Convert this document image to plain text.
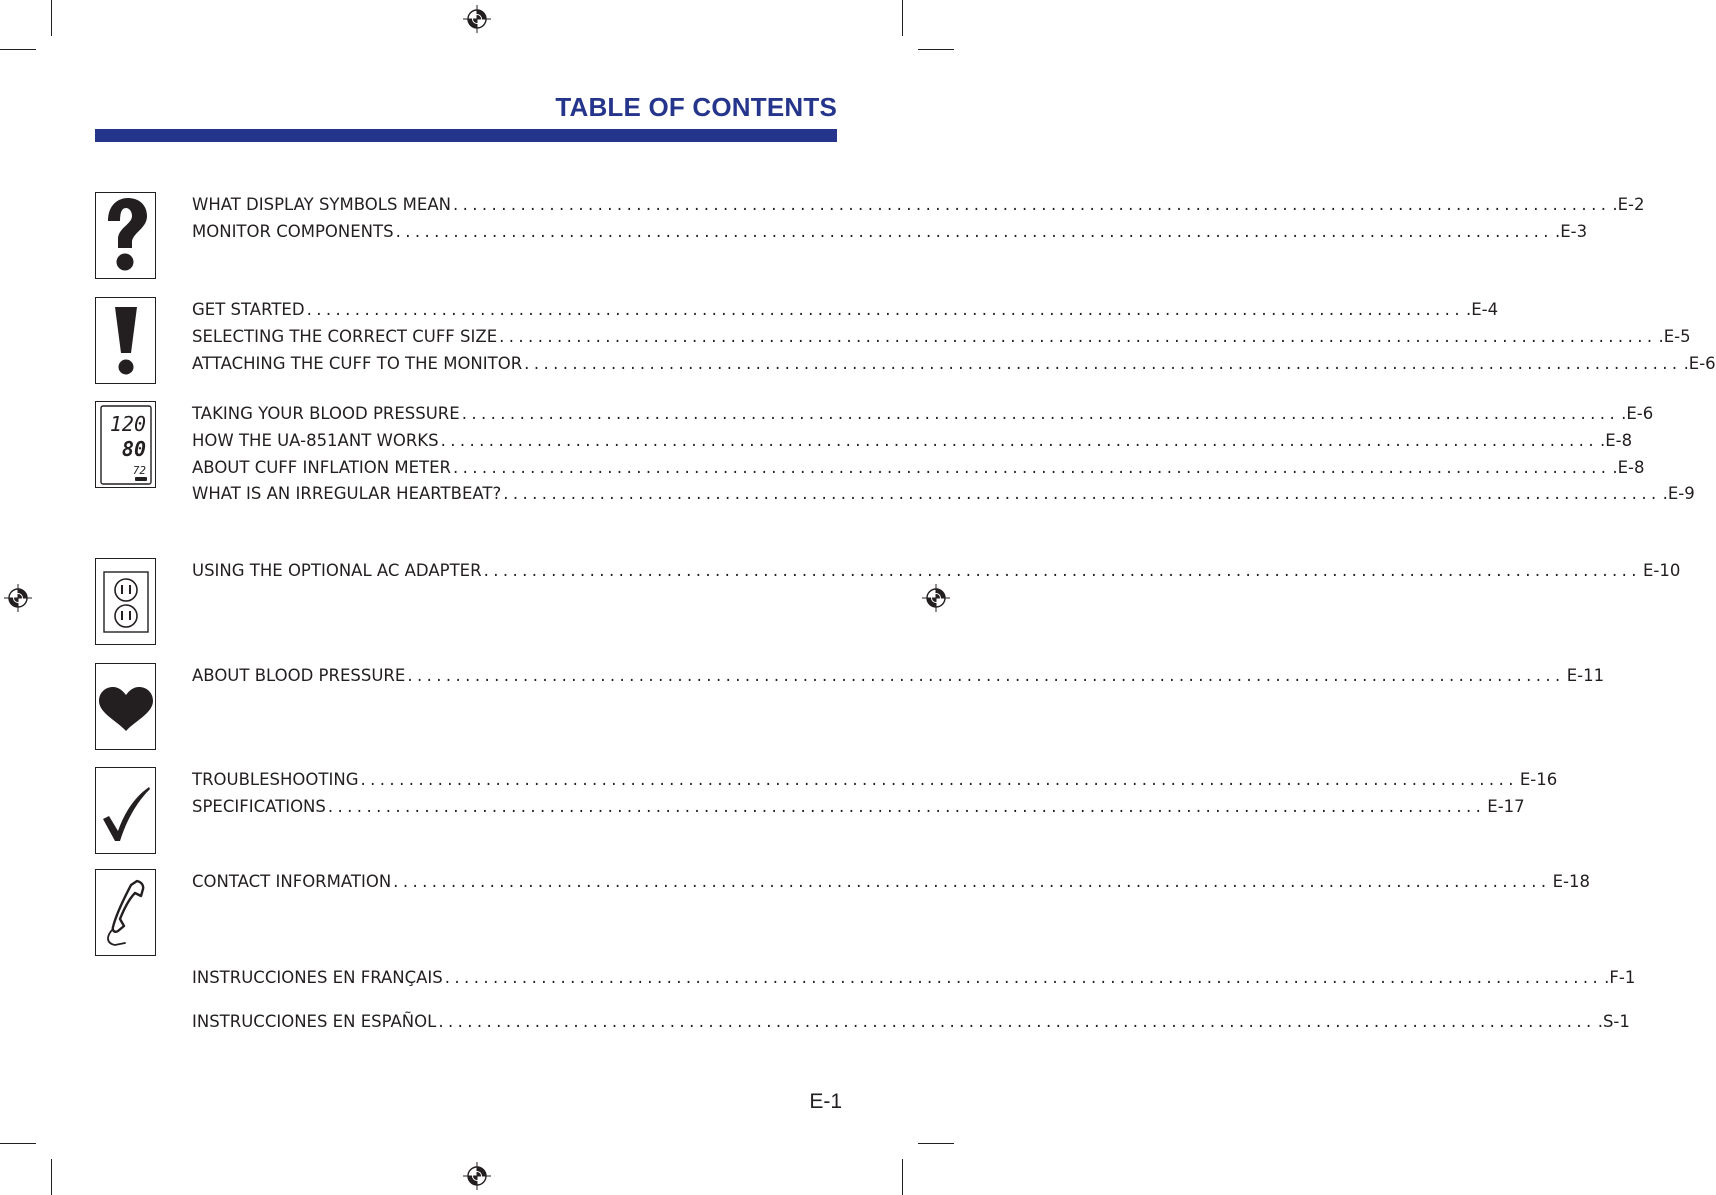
TABLE OF CONTENTS
120
80
72
WHAT DISPLAY SYMBOLS MEAN ........................................................................................................................ .E-2
MONITOR COMPONENTS ........................................................................................................................ .E-3
GET STARTED ........................................................................................................................ .E-4
SELECTING THE CORRECT CUFF SIZE ........................................................................................................................ .E-5
ATTACHING THE CUFF TO THE MONITOR ........................................................................................................................ .E-6
TAKING YOUR BLOOD PRESSURE ........................................................................................................................ .E-6
HOW THE UA-851ANT WORKS ........................................................................................................................ .E-8
ABOUT CUFF INFLATION METER ........................................................................................................................ .E-8
WHAT IS AN IRREGULAR HEARTBEAT? ........................................................................................................................ .E-9
USING THE OPTIONAL AC ADAPTER ........................................................................................................................ E-10
ABOUT BLOOD PRESSURE ........................................................................................................................ E-11
TROUBLESHOOTING ........................................................................................................................ E-16
SPECIFICATIONS ........................................................................................................................ E-17
CONTACT INFORMATION ........................................................................................................................ E-18
INSTRUCCIONES EN FRANÇAIS ........................................................................................................................ .F-1
INSTRUCCIONES EN ESPAÑOL ........................................................................................................................ .S-1
E-1
